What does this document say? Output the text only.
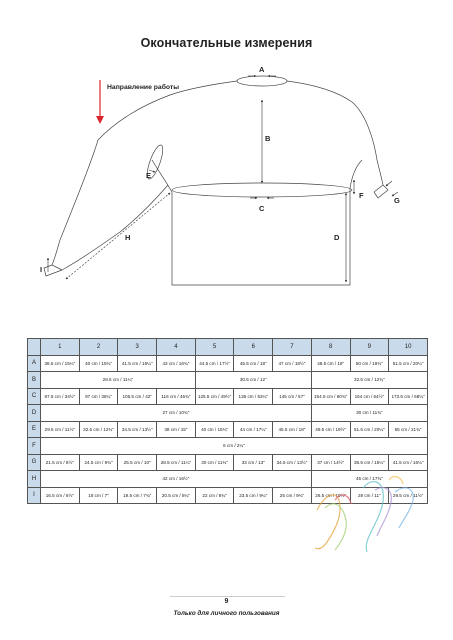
Окончательные измерения
Направление работы
A
B
C
D
E
F
G
H
I
	1	2	3	4	5	6	7	8	9	10
A	38.5 cm / 15¼"	40 cm / 15¾"	41.5 cm / 16¼"	43 cm / 16¾"	44.5 cm / 17½"	45.5 cm / 18"	47 cm / 18½"	48.5 cm / 19"	50 cm / 19¾"	51.5 cm / 20¼"
B	28.5 cm / 11¼"				30.5 cm / 12"			32.5 cm / 12¾"		
C	87.5 cm / 34½"	97 cm / 38¼"	106.5 cm / 42"	116 cm / 45¾"	125.5 cm / 49½"	135 cm / 53¼"	145 cm / 57"	154.5 cm / 60¾"	164 cm / 64½"	173.5 cm / 68¼"
D	27 cm / 10¾"							30 cm / 11¾"		
E	29.5 cm / 11½"	32.5 cm / 12¾"	34.5 cm / 13½"	38 cm / 15"	40 cm / 15¾"	44 cm / 17¼"	45.5 cm / 18"	49.5 cm / 19½"	51.5 cm / 20¼"	55 cm / 21¾"
F	6 cm / 2¼"									
G	21.5 cm / 8½"	24.5 cm / 9¾"	25.5 cm / 10"	28.5 cm / 11¼"	30 cm / 11¾"	33 cm / 13"	34.5 cm / 13½"	37 cm / 14½"	38.5 cm / 15¼"	41.5 cm / 16¼"
H	42 cm / 16½"							45 cm / 17¾"		
I	16.5 cm / 6½"	18 cm / 7"	19.5 cm / 7¾"	20.5 cm / 8¼"	22 cm / 8¾"	23.5 cm / 9¼"	25 cm / 9¾"	26.5 cm / 10½"	28 cm / 11"	29.5 cm / 11½"
9
Только для личного пользования
